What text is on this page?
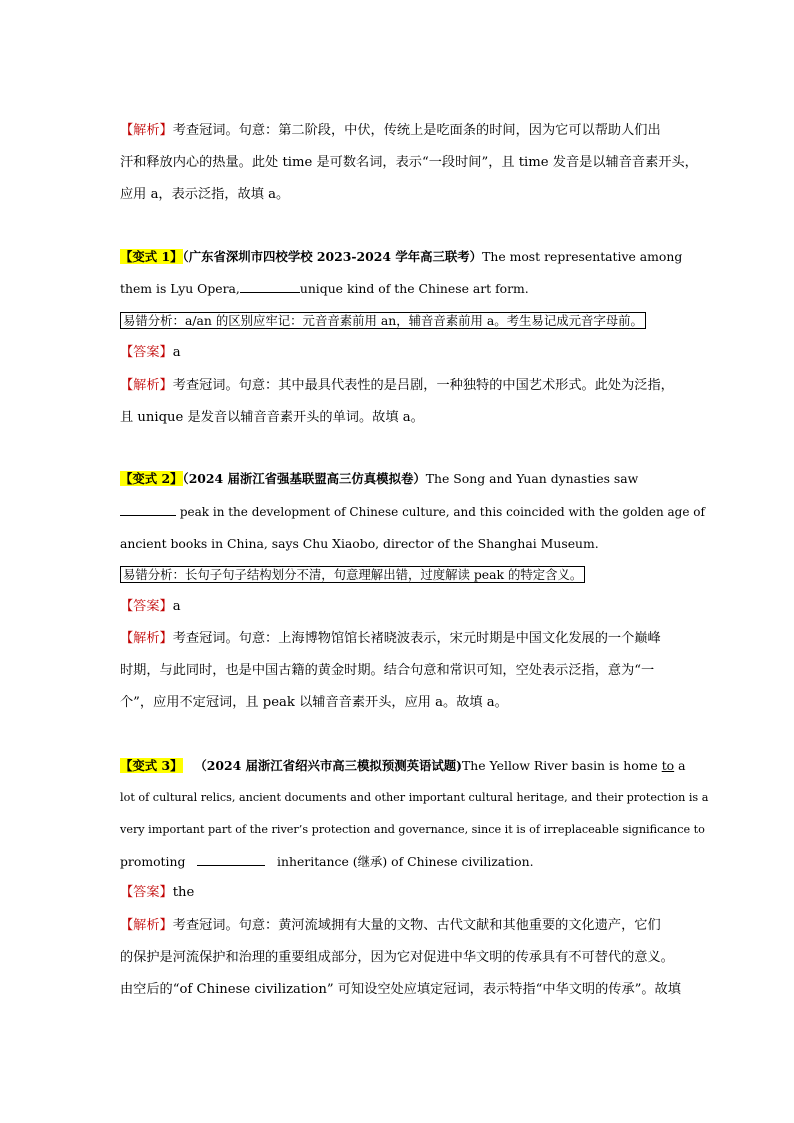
【解析】考查冠词。句意：第二阶段，中伏，传统上是吃面条的时间，因为它可以帮助人们出
汗和释放内心的热量。此处 time 是可数名词，表示“一段时间”，且 time 发音是以辅音音素开头，
应用 a，表示泛指，故填 a。
【变式 1】（广东省深圳市四校学校 2023-2024 学年高三联考）The most representative among
them is Lyu Opera,	unique kind of the Chinese art form.
易错分析：a/an 的区别应牢记：元音音素前用 an，辅音音素前用 a。考生易记成元音字母前。
【答案】a
【解析】考查冠词。句意：其中最具代表性的是吕剧，一种独特的中国艺术形式。此处为泛指，
且 unique 是发音以辅音音素开头的单词。故填 a。
【变式 2】（2024 届浙江省强基联盟高三仿真模拟卷）The Song and Yuan dynasties saw
peak in the development of Chinese culture, and this coincided with the golden age of
ancient books in China, says Chu Xiaobo, director of the Shanghai Museum.
易错分析：长句子句子结构划分不清，句意理解出错，过度解读 peak 的特定含义。
【答案】a
【解析】考查冠词。句意：上海博物馆馆长褚晓波表示，宋元时期是中国文化发展的一个巅峰
时期，与此同时，也是中国古籍的黄金时期。结合句意和常识可知，空处表示泛指，意为“一
个”，应用不定冠词，且 peak 以辅音音素开头，应用 a。故填 a。
【变式 3】 （2024 届浙江省绍兴市高三模拟预测英语试题)The Yellow River basin is home to a
lot of cultural relics, ancient documents and other important cultural heritage, and their protection is a
very important part of the river’s protection and governance, since it is of irreplaceable significance to
promoting	inheritance (继承) of Chinese civilization.
【答案】the
【解析】考查冠词。句意：黄河流域拥有大量的文物、古代文献和其他重要的文化遗产，它们
的保护是河流保护和治理的重要组成部分，因为它对促进中华文明的传承具有不可替代的意义。
由空后的“of Chinese civilization” 可知设空处应填定冠词，表示特指“中华文明的传承”。故填
